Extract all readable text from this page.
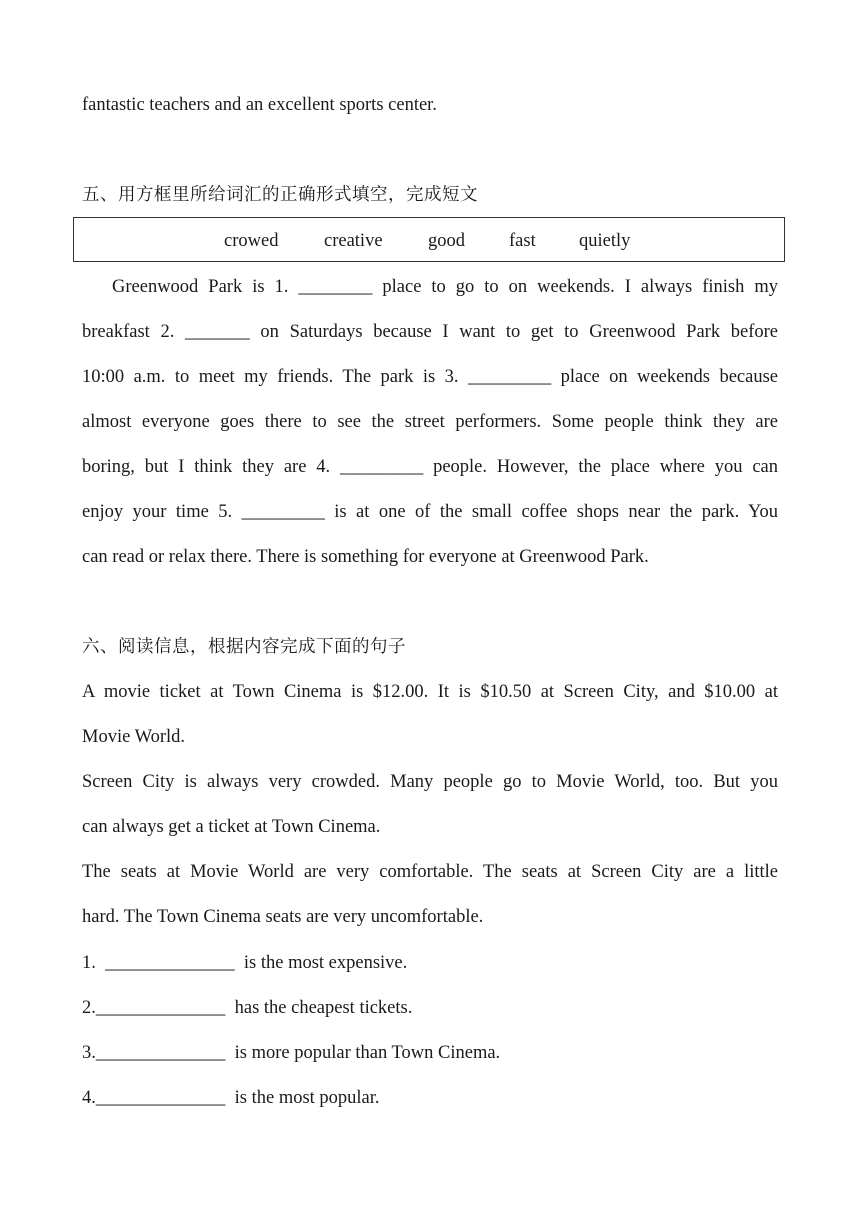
fantastic teachers and an excellent sports center.
五、用方框里所给词汇的正确形式填空，完成短文
crowed creative good fast quietly
Greenwood Park is 1. ________ place to go to on weekends. I always finish my
breakfast 2. _______ on Saturdays because I want to get to Greenwood Park before
10:00 a.m. to meet my friends. The park is 3. _________ place on weekends because
almost everyone goes there to see the street performers. Some people think they are
boring, but I think they are 4. _________ people. However, the place where you can
enjoy your time 5. _________ is at one of the small coffee shops near the park. You
can read or relax there. There is something for everyone at Greenwood Park.
六、阅读信息，根据内容完成下面的句子
A movie ticket at Town Cinema is $12.00. It is $10.50 at Screen City, and $10.00 at
Movie World.
Screen City is always very crowded. Many people go to Movie World, too. But you
can always get a ticket at Town Cinema.
The seats at Movie World are very comfortable. The seats at Screen City are a little
hard. The Town Cinema seats are very uncomfortable.
1.  ______________  is the most expensive.
2.______________  has the cheapest tickets.
3.______________  is more popular than Town Cinema.
4.______________  is the most popular.
